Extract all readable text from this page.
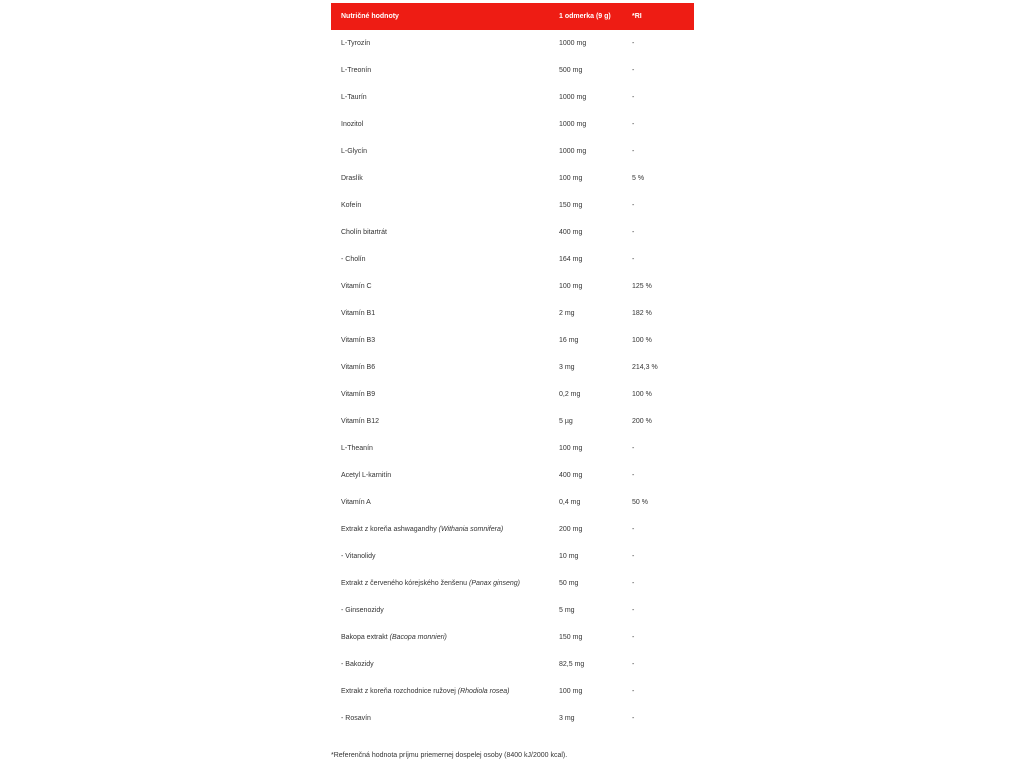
Nutričné hodnoty	1 odmerka (9 g)	*RI
L-Tyrozín	1000 mg	-
L-Treonín	500 mg	-
L-Taurín	1000 mg	-
Inozitol	1000 mg	-
L-Glycín	1000 mg	-
Draslík	100 mg	5 %
Kofeín	150 mg	-
Cholín bitartrát	400 mg	-
- Cholín	164 mg	-
Vitamín C	100 mg	125 %
Vitamín B1	2 mg	182 %
Vitamín B3	16 mg	100 %
Vitamín B6	3 mg	214,3 %
Vitamín B9	0,2 mg	100 %
Vitamín B12	5 µg	200 %
L-Theanín	100 mg	-
Acetyl L-karnitín	400 mg	-
Vitamín A	0,4 mg	50 %
Extrakt z koreňa ashwagandhy (Withania somnifera)	200 mg	-
- Vitanolidy	10 mg	-
Extrakt z červeného kórejského ženšenu (Panax ginseng)	50 mg	-
- Ginsenozidy	5 mg	-
Bakopa extrakt (Bacopa monnieri)	150 mg	-
- Bakozidy	82,5 mg	-
Extrakt z koreňa rozchodnice ružovej (Rhodiola rosea)	100 mg	-
- Rosavín	3 mg	-
*Referenčná hodnota príjmu priemernej dospelej osoby (8400 kJ/2000 kcal).
